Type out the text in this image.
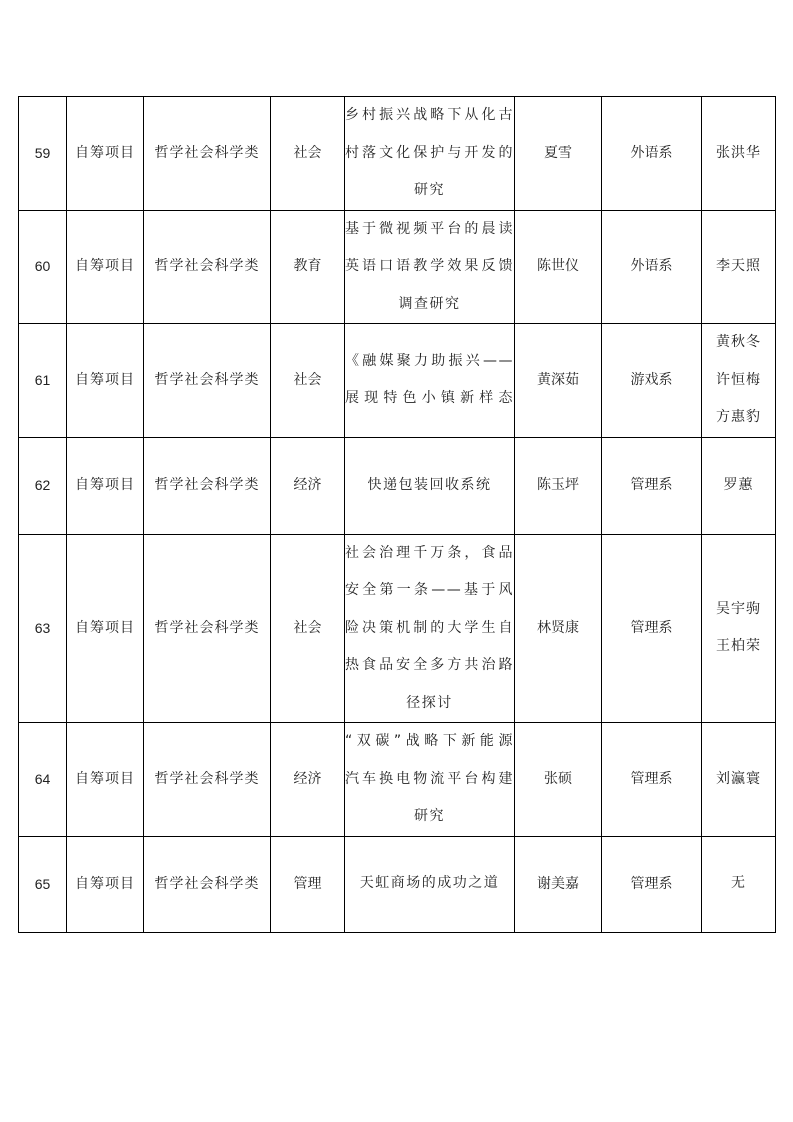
59	自筹项目	哲学社会科学类	社会	乡村振兴战略下从化古
村落文化保护与开发的
研究	夏雪	外语系	张洪华

60	自筹项目	哲学社会科学类	教育	基于微视频平台的晨读
英语口语教学效果反馈
调查研究	陈世仪	外语系	李天照

61	自筹项目	哲学社会科学类	社会	《融媒聚力助振兴——
展现特色小镇新样态	黄深茹	游戏系	黄秋冬
许恒梅
方惠豹

62	自筹项目	哲学社会科学类	经济	快递包装回收系统	陈玉坪	管理系	罗蕙

63	自筹项目	哲学社会科学类	社会	社会治理千万条，食品
安全第一条——基于风
险决策机制的大学生自
热食品安全多方共治路
径探讨	林贤康	管理系	吴宇驹
王柏荣

64	自筹项目	哲学社会科学类	经济	“双碳”战略下新能源
汽车换电物流平台构建
研究	张硕	管理系	刘瀛寰

65	自筹项目	哲学社会科学类	管理	天虹商场的成功之道	谢美嘉	管理系	无
